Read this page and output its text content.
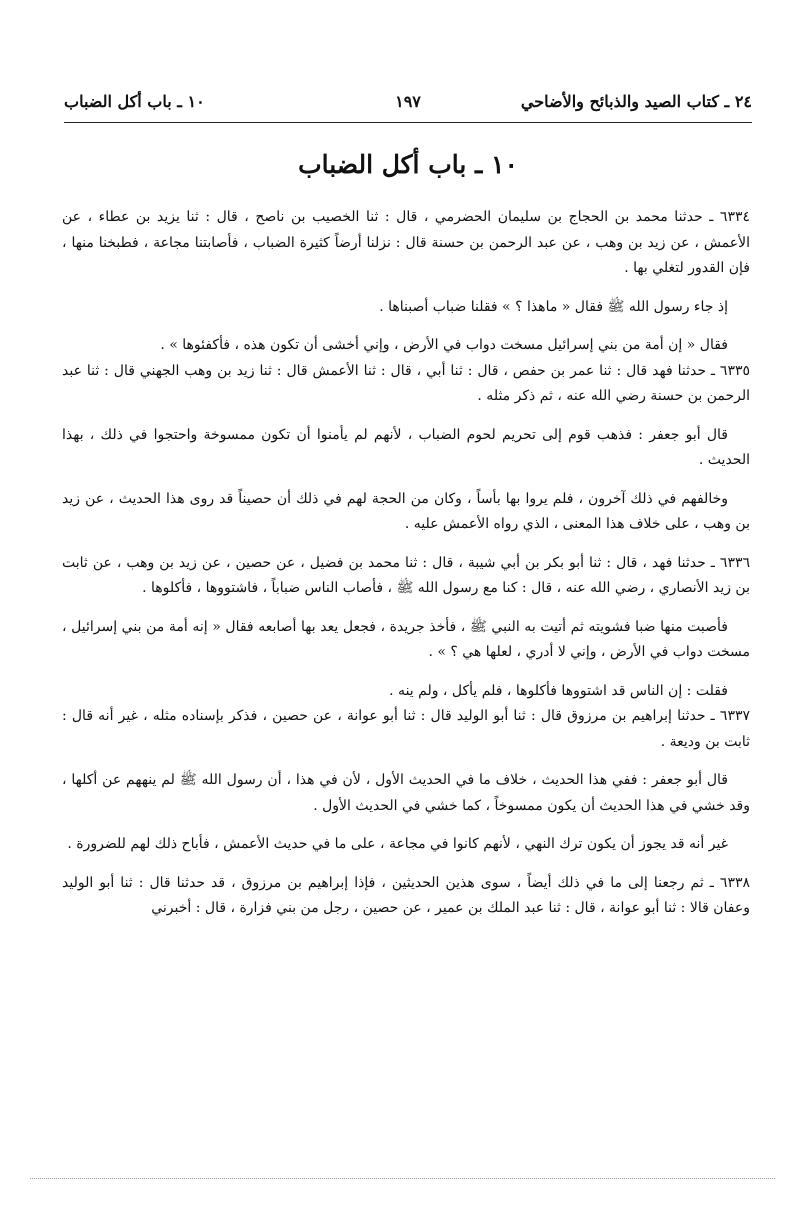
٢٤ ـ كتاب الصيد والذبائح والأضاحي
١٩٧
١٠ ـ باب أكل الضباب
١٠ ـ باب أكل الضباب

٦٣٣٤ ـ حدثنا محمد بن الحجاج بن سليمان الحضرمي ، قال : ثنا الخصيب بن ناصح ، قال : ثنا يزيد بن عطاء ، عن الأعمش ، عن زيد بن وهب ، عن عبد الرحمن بن حسنة قال : نزلنا أرضاً كثيرة الضباب ، فأصابتنا مجاعة ، فطبخنا منها ، فإن القدور لتغلي بها .

إذ جاء رسول الله ﷺ فقال « ماهذا ؟ » فقلنا ضباب أصبناها .

فقال « إن أمة من بني إسرائيل مسخت دواب في الأرض ، وإني أخشى أن تكون هذه ، فأكفئوها » .

٦٣٣٥ ـ حدثنا فهد قال : ثنا عمر بن حفص ، قال : ثنا أبي ، قال : ثنا الأعمش قال : ثنا زيد بن وهب الجهني قال : ثنا عبد الرحمن بن حسنة رضي الله عنه ، ثم ذكر مثله .

قال أبو جعفر : فذهب قوم إلى تحريم لحوم الضباب ، لأنهم لم يأمنوا أن تكون ممسوخة واحتجوا في ذلك ، بهذا الحديث .

وخالفهم في ذلك آخرون ، فلم يروا بها بأساً ، وكان من الحجة لهم في ذلك أن حصيناً قد روى هذا الحديث ، عن زيد بن وهب ، على خلاف هذا المعنى ، الذي رواه الأعمش عليه .

٦٣٣٦ ـ حدثنا فهد ، قال : ثنا أبو بكر بن أبي شيبة ، قال : ثنا محمد بن فضيل ، عن حصين ، عن زيد بن وهب ، عن ثابت بن زيد الأنصاري ، رضي الله عنه ، قال : كنا مع رسول الله ﷺ ، فأصاب الناس ضباباً ، فاشتووها ، فأكلوها .

فأصبت منها ضبا فشويته ثم أتيت به النبي ﷺ ، فأخذ جريدة ، فجعل يعد بها أصابعه فقال « إنه أمة من بني إسرائيل ، مسخت دواب في الأرض ، وإني لا أدري ، لعلها هي ؟ » .

فقلت : إن الناس قد اشتووها فأكلوها ، فلم يأكل ، ولم ينه .

٦٣٣٧ ـ حدثنا إبراهيم بن مرزوق قال : ثنا أبو الوليد قال : ثنا أبو عوانة ، عن حصين ، فذكر بإسناده مثله ، غير أنه قال : ثابت بن وديعة .

قال أبو جعفر : ففي هذا الحديث ، خلاف ما في الحديث الأول ، لأن في هذا ، أن رسول الله ﷺ لم ينههم عن أكلها ، وقد خشي في هذا الحديث أن يكون ممسوخاً ، كما خشي في الحديث الأول .

غير أنه قد يجوز أن يكون ترك النهي ، لأنهم كانوا في مجاعة ، على ما في حديث الأعمش ، فأباح ذلك لهم للضرورة .

٦٣٣٨ ـ ثم رجعنا إلى ما في ذلك أيضاً ، سوى هذين الحديثين ، فإذا إبراهيم بن مرزوق ، قد حدثنا قال : ثنا أبو الوليد وعفان قالا : ثنا أبو عوانة ، قال : ثنا عبد الملك بن عمير ، عن حصين ، رجل من بني فزارة ، قال : أخبرني
